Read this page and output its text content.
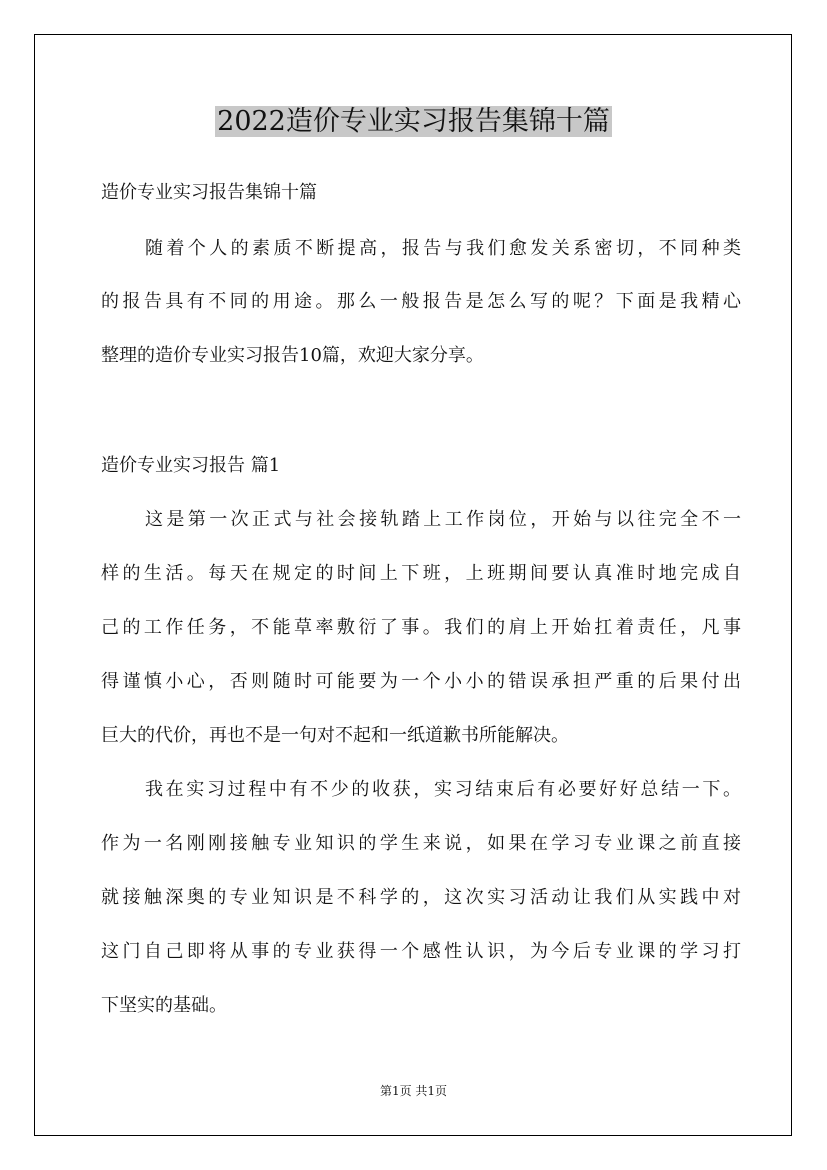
2022造价专业实习报告集锦十篇
造价专业实习报告集锦十篇
随着个人的素质不断提高，报告与我们愈发关系密切，不同种类
的报告具有不同的用途。那么一般报告是怎么写的呢？下面是我精心
整理的造价专业实习报告10篇，欢迎大家分享。
造价专业实习报告 篇1
这是第一次正式与社会接轨踏上工作岗位，开始与以往完全不一
样的生活。每天在规定的时间上下班，上班期间要认真准时地完成自
己的工作任务，不能草率敷衍了事。我们的肩上开始扛着责任，凡事
得谨慎小心，否则随时可能要为一个小小的错误承担严重的后果付出
巨大的代价，再也不是一句对不起和一纸道歉书所能解决。
我在实习过程中有不少的收获，实习结束后有必要好好总结一下。
作为一名刚刚接触专业知识的学生来说，如果在学习专业课之前直接
就接触深奥的专业知识是不科学的，这次实习活动让我们从实践中对
这门自己即将从事的专业获得一个感性认识，为今后专业课的学习打
下坚实的基础。
第1页 共1页
